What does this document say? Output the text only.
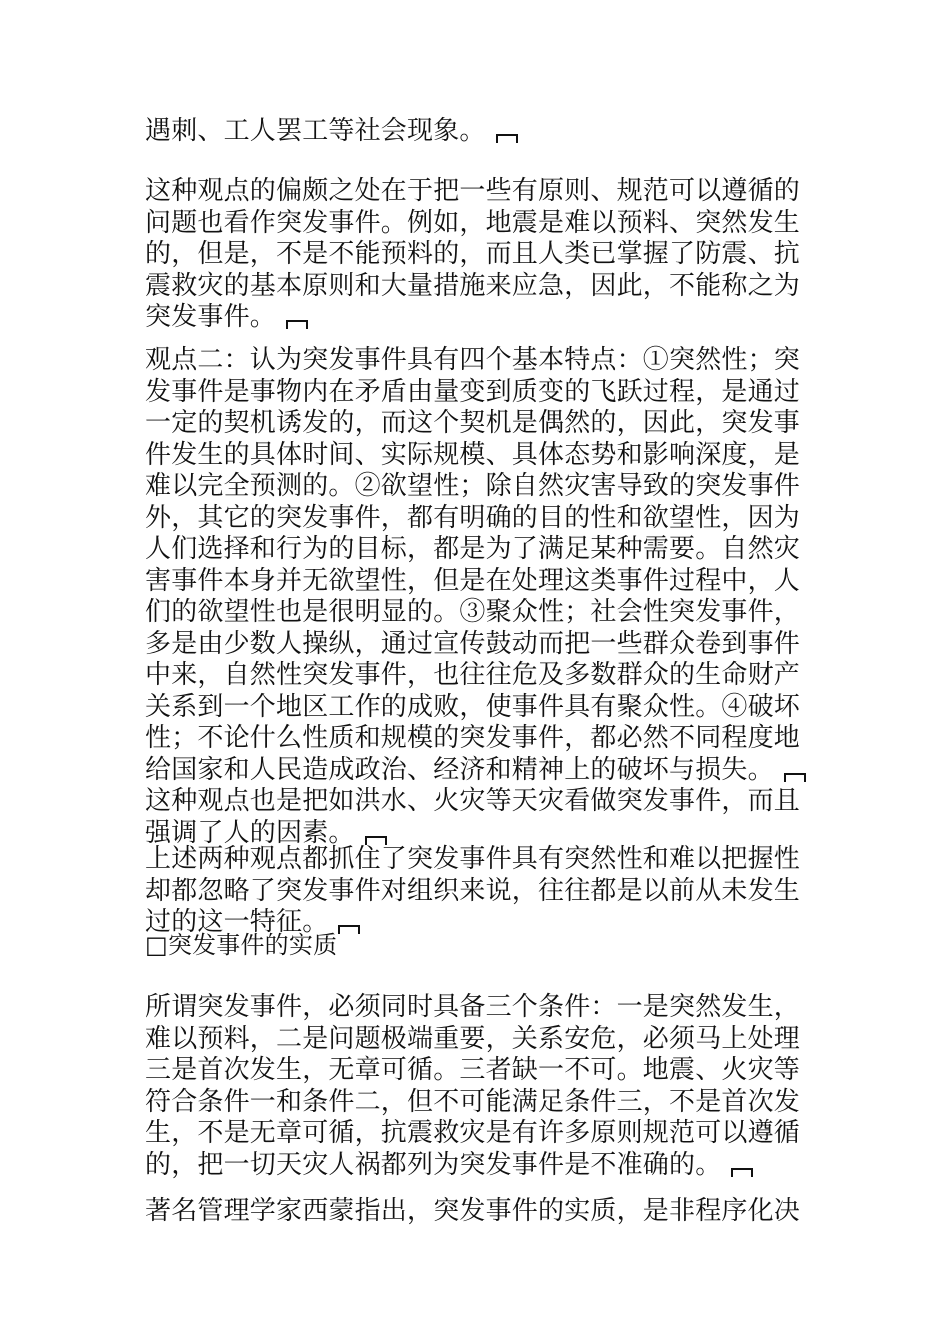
遇刺、工人罢工等社会现象。

这种观点的偏颇之处在于把一些有原则、规范可以遵循的
问题也看作突发事件。例如，地震是难以预料、突然发生
的，但是，不是不能预料的，而且人类已掌握了防震、抗
震救灾的基本原则和大量措施来应急，因此，不能称之为
突发事件。

观点二：认为突发事件具有四个基本特点：①突然性；突
发事件是事物内在矛盾由量变到质变的飞跃过程，是通过
一定的契机诱发的，而这个契机是偶然的，因此，突发事
件发生的具体时间、实际规模、具体态势和影响深度，是
难以完全预测的。②欲望性；除自然灾害导致的突发事件
外，其它的突发事件，都有明确的目的性和欲望性，因为
人们选择和行为的目标，都是为了满足某种需要。自然灾
害事件本身并无欲望性，但是在处理这类事件过程中，人
们的欲望性也是很明显的。③聚众性；社会性突发事件，
多是由少数人操纵，通过宣传鼓动而把一些群众卷到事件
中来，自然性突发事件，也往往危及多数群众的生命财产
关系到一个地区工作的成败，使事件具有聚众性。④破坏
性；不论什么性质和规模的突发事件，都必然不同程度地
给国家和人民造成政治、经济和精神上的破坏与损失。
这种观点也是把如洪水、火灾等天灾看做突发事件，而且
强调了人的因素。

上述两种观点都抓住了突发事件具有突然性和难以把握性
却都忽略了突发事件对组织来说，往往都是以前从未发生
过的这一特征。

□突发事件的实质

所谓突发事件，必须同时具备三个条件：一是突然发生，
难以预料，二是问题极端重要，关系安危，必须马上处理
三是首次发生，无章可循。三者缺一不可。地震、火灾等
符合条件一和条件二，但不可能满足条件三，不是首次发
生，不是无章可循，抗震救灾是有许多原则规范可以遵循
的，把一切天灾人祸都列为突发事件是不准确的。

著名管理学家西蒙指出，突发事件的实质，是非程序化决
